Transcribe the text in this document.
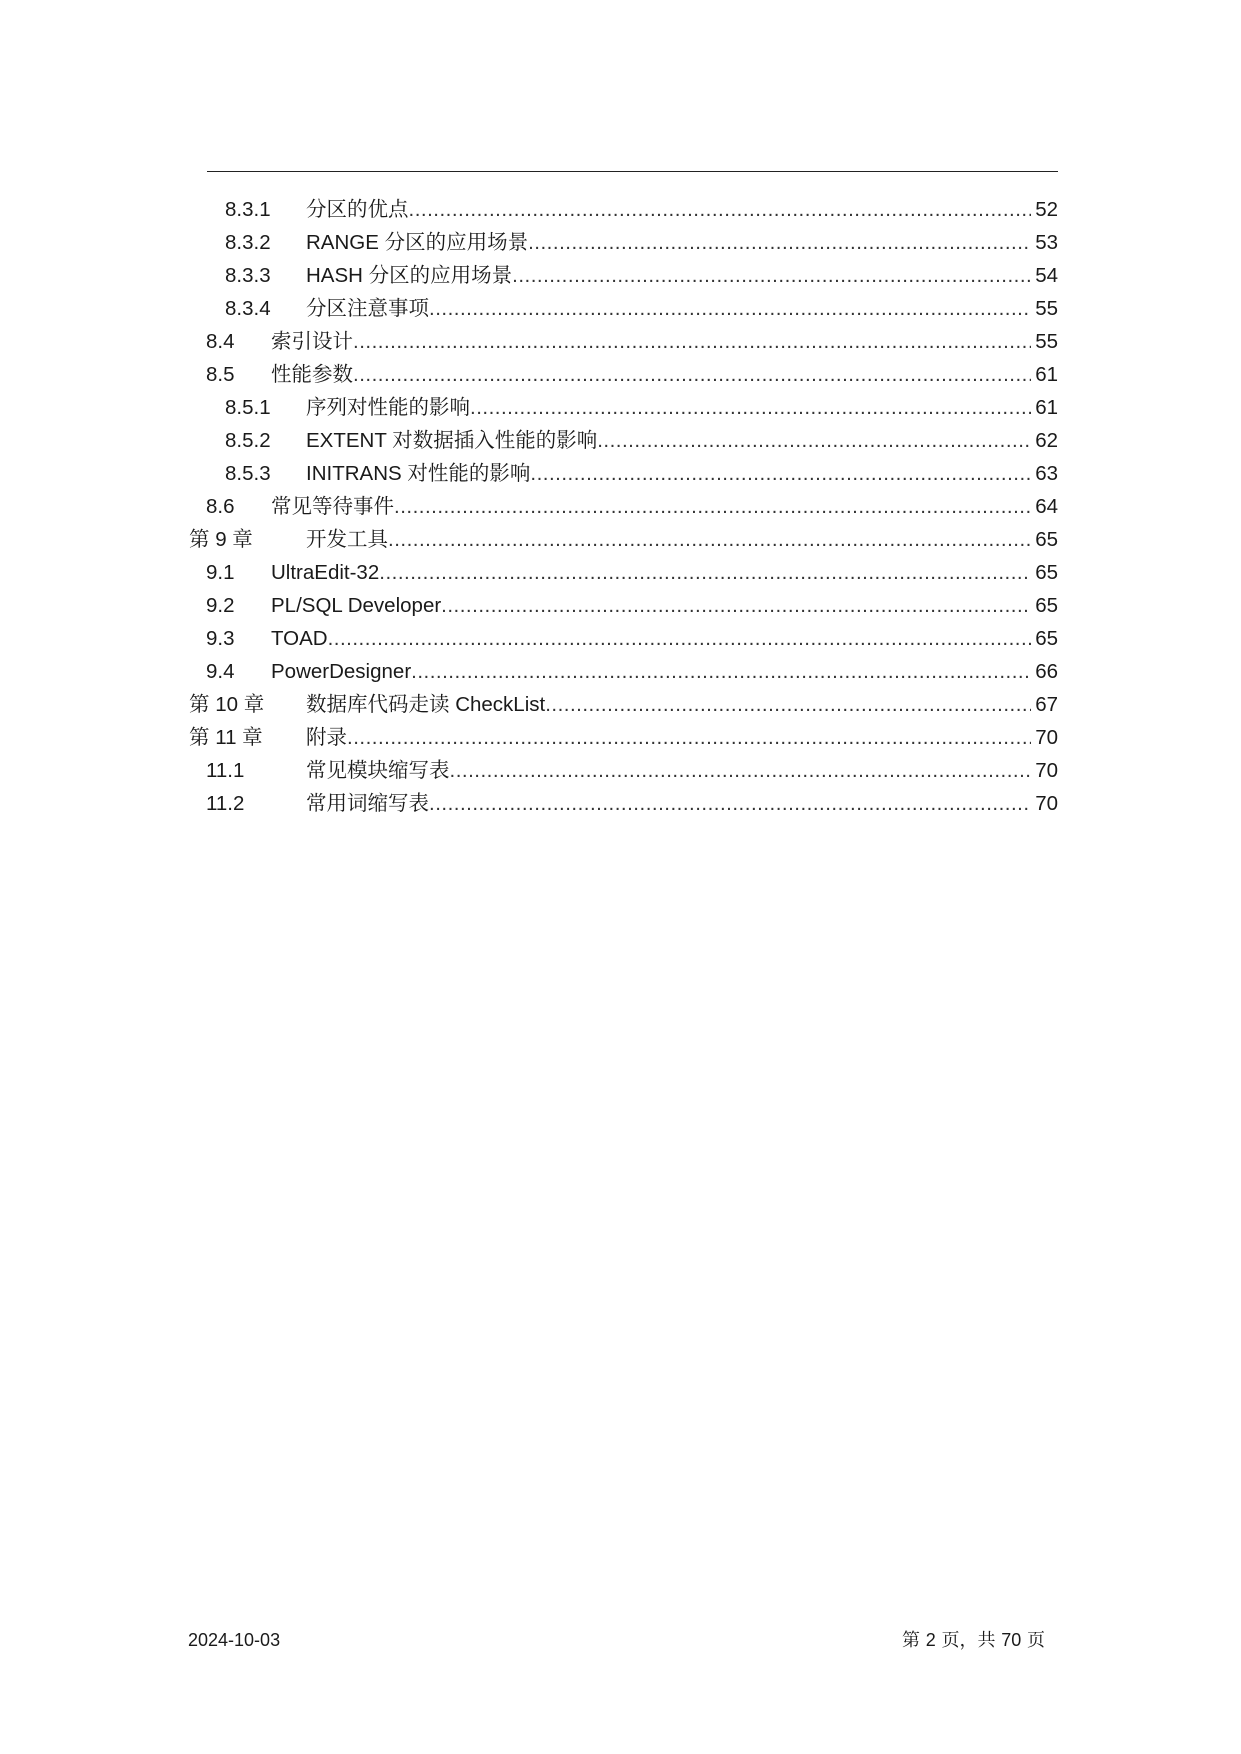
8.3.1 分区的优点 . . .	52
8.3.2 RANGE 分区的应用场景 . . .	53
8.3.3 HASH 分区的应用场景 . . .	54
8.3.4 分区注意事项 . . .	55
8.4 索引设计 . . .	55
8.5 性能参数 . . .	61
8.5.1 序列对性能的影响 . . .	61
8.5.2 EXTENT 对数据插入性能的影响 . . .	62
8.5.3 INITRANS 对性能的影响 . . .	63
8.6 常见等待事件 . . .	64
第 9 章	开发工具 . . .	65
9.1 UltraEdit-32 . . .	65
9.2 PL/SQL Developer . . .	65
9.3 TOAD . . .	65
9.4 PowerDesigner . . .	66
第 10 章 数据库代码走读 CheckList . . .	67
第 11 章 附录 . . .	70
11.1	常见模块缩写表 . . .	70
11.2	常用词缩写表 . . .	70
2024-10-03	第 2 页，共 70 页
